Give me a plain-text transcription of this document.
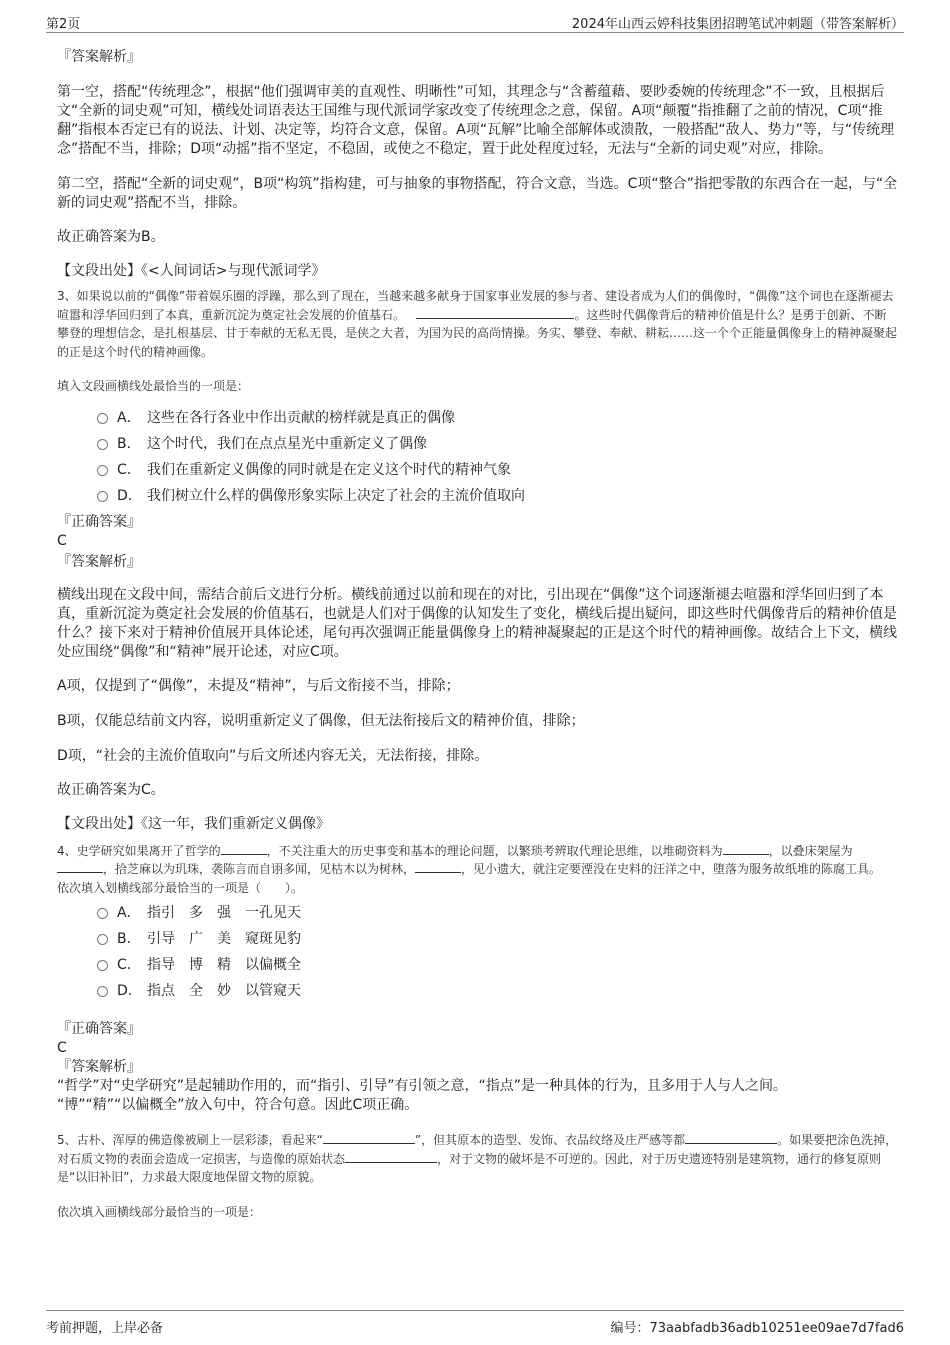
第2页	2024年山西云婷科技集团招聘笔试冲刺题（带答案解析）

『答案解析』

第一空，搭配“传统理念”，根据“他们强调审美的直观性、明晰性”可知，其理念与“含蓄蕴藉、要眇委婉的传统理念”不一致，且根据后文“全新的词史观”可知，横线处词语表达王国维与现代派词学家改变了传统理念之意，保留。A项“颠覆”指推翻了之前的情况，C项“推翻”指根本否定已有的说法、计划、决定等，均符合文意，保留。A项“瓦解”比喻全部解体或溃散，一般搭配“敌人、势力”等，与“传统理念”搭配不当，排除；D项“动摇”指不坚定，不稳固，或使之不稳定，置于此处程度过轻，无法与“全新的词史观”对应，排除。

第二空，搭配“全新的词史观”，B项“构筑”指构建，可与抽象的事物搭配，符合文意，当选。C项“整合”指把零散的东西合在一起，与“全新的词史观”搭配不当，排除。

故正确答案为B。

【文段出处】《<人间词话>与现代派词学》

3、如果说以前的“偶像”带着娱乐圈的浮躁，那么到了现在，当越来越多献身于国家事业发展的参与者、建设者成为人们的偶像时，“偶像”这个词也在逐渐褪去喧嚣和浮华回归到了本真，重新沉淀为奠定社会发展的价值基石。	。这些时代偶像背后的精神价值是什么？是勇于创新、不断攀登的理想信念，是扎根基层、甘于奉献的无私无畏，是侠之大者，为国为民的高尚情操。务实、攀登、奉献、耕耘……这一个个正能量偶像身上的精神凝聚起的正是这个时代的精神画像。

填入文段画横线处最恰当的一项是：

A． 这些在各行各业中作出贡献的榜样就是真正的偶像
B． 这个时代，我们在点点星光中重新定义了偶像
C． 我们在重新定义偶像的同时就是在定义这个时代的精神气象
D． 我们树立什么样的偶像形象实际上决定了社会的主流价值取向

『正确答案』

C

『答案解析』

横线出现在文段中间，需结合前后文进行分析。横线前通过以前和现在的对比，引出现在“偶像”这个词逐渐褪去喧嚣和浮华回归到了本真，重新沉淀为奠定社会发展的价值基石，也就是人们对于偶像的认知发生了变化，横线后提出疑问，即这些时代偶像背后的精神价值是什么？接下来对于精神价值展开具体论述，尾句再次强调正能量偶像身上的精神凝聚起的正是这个时代的精神画像。故结合上下文，横线处应围绕“偶像”和“精神”展开论述，对应C项。

A项，仅提到了“偶像”，未提及“精神”，与后文衔接不当，排除；

B项，仅能总结前文内容，说明重新定义了偶像，但无法衔接后文的精神价值，排除；

D项，“社会的主流价值取向”与后文所述内容无关，无法衔接，排除。

故正确答案为C。

【文段出处】《这一年，我们重新定义偶像》

4、史学研究如果离开了哲学的	，不关注重大的历史事变和基本的理论问题，以繁琐考辨取代理论思维，以堆砌资料为	，以叠床架屋为，拾芝麻以为玑珠，袭陈言而自诩多闻，见枯木以为树林，	，见小遗大，就注定要湮没在史料的汪洋之中，堕落为服务故纸堆的陈腐工具。

依次填入划横线部分最恰当的一项是（　　）。

A． 指引　多　强　一孔见天
B． 引导　广　美　窥斑见豹
C． 指导　博　精　以偏概全
D． 指点　全　妙　以管窥天

『正确答案』

C

『答案解析』

“哲学”对“史学研究”是起辅助作用的，而“指引、引导”有引领之意，“指点”是一种具体的行为，且多用于人与人之间。

“博”“精”“以偏概全”放入句中，符合句意。因此C项正确。

5、古朴、浑厚的佛造像被刷上一层彩漆，看起来“	”，但其原本的造型、发饰、衣品纹络及庄严感等都	。如果要把涂色洗掉，对石质文物的表面会造成一定损害，与造像的原始状态	，对于文物的破坏是不可逆的。因此，对于历史遗迹特别是建筑物，通行的修复原则是“以旧补旧”，力求最大限度地保留文物的原貌。

依次填入画横线部分最恰当的一项是：

考前押题，上岸必备	编号：73aabfadb36adb10251ee09ae7d7fad6
